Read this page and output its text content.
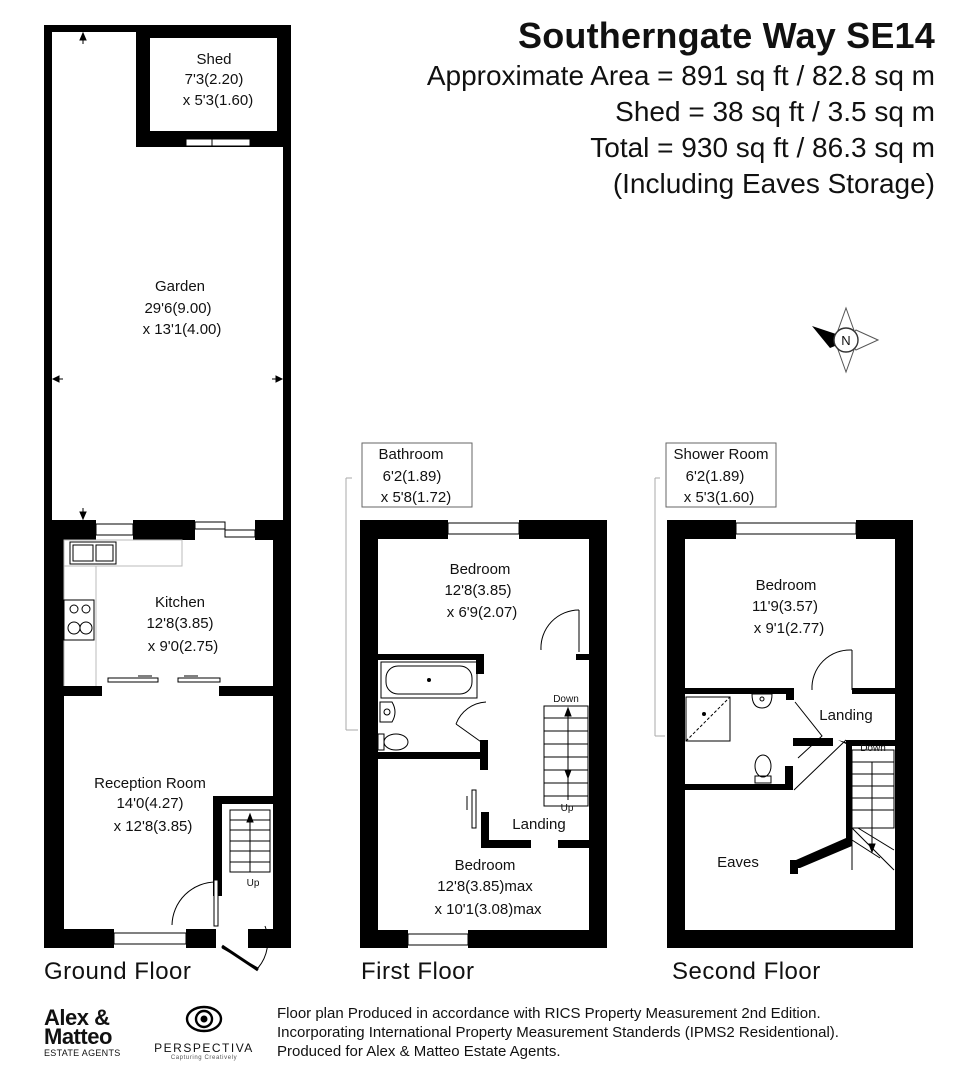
Shed
7'3(2.20)
x 5'3(1.60)
Garden
29'6(9.00)
x 13'1(4.00)
Kitchen
12'8(3.85)
x 9'0(2.75)
Reception Room
14'0(4.27)
x 12'8(3.85)
Up
Bathroom
6'2(1.89)
x 5'8(1.72)
Bedroom
12'8(3.85)
x 6'9(2.07)
Down
Up
Landing
Bedroom
12'8(3.85)max
x 10'1(3.08)max
Shower Room
6'2(1.89)
x 5'3(1.60)
Bedroom
11'9(3.57)
x 9'1(2.77)
Landing
Down
Eaves
N
Southerngate Way SE14
Approximate Area = 891 sq ft / 82.8 sq m
Shed = 38 sq ft / 3.5 sq m
Total = 930 sq ft / 86.3 sq m
(Including Eaves Storage)
Ground Floor	First Floor	Second Floor
Alex &
Matteo
ESTATE AGENTS	PERSPECTIVA
Capturing Creatively
Floor plan Produced in accordance with RICS Property Measurement 2nd Edition.
Incorporating International Property Measurement Standerds (IPMS2 Residentional).
Produced for Alex & Matteo Estate Agents.
